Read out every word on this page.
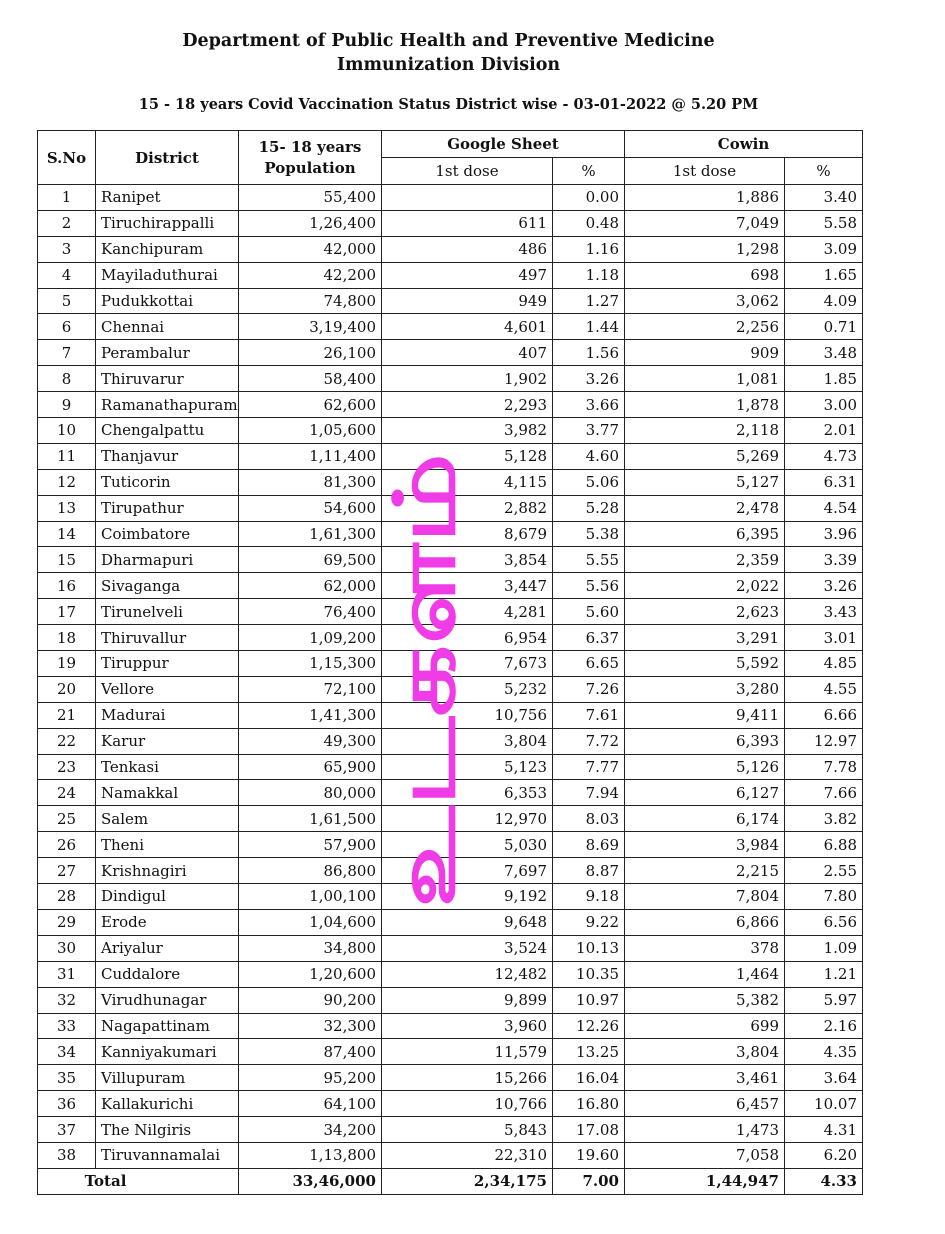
Department of Public Health and Preventive Medicine
Immunization Division
15 - 18 years Covid Vaccination Status District wise - 03-01-2022 @ 5.20 PM
S.No	District	15- 18 years Population	Google Sheet		Cowin	
			1st dose	%	1st dose	%
1	Ranipet	55,400		0.00	1,886	3.40
2	Tiruchirappalli	1,26,400	611	0.48	7,049	5.58
3	Kanchipuram	42,000	486	1.16	1,298	3.09
4	Mayiladuthurai	42,200	497	1.18	698	1.65
5	Pudukkottai	74,800	949	1.27	3,062	4.09
6	Chennai	3,19,400	4,601	1.44	2,256	0.71
7	Perambalur	26,100	407	1.56	909	3.48
8	Thiruvarur	58,400	1,902	3.26	1,081	1.85
9	Ramanathapuram	62,600	2,293	3.66	1,878	3.00
10	Chengalpattu	1,05,600	3,982	3.77	2,118	2.01
11	Thanjavur	1,11,400	5,128	4.60	5,269	4.73
12	Tuticorin	81,300	4,115	5.06	5,127	6.31
13	Tirupathur	54,600	2,882	5.28	2,478	4.54
14	Coimbatore	1,61,300	8,679	5.38	6,395	3.96
15	Dharmapuri	69,500	3,854	5.55	2,359	3.39
16	Sivaganga	62,000	3,447	5.56	2,022	3.26
17	Tirunelveli	76,400	4,281	5.60	2,623	3.43
18	Thiruvallur	1,09,200	6,954	6.37	3,291	3.01
19	Tiruppur	1,15,300	7,673	6.65	5,592	4.85
20	Vellore	72,100	5,232	7.26	3,280	4.55
21	Madurai	1,41,300	10,756	7.61	9,411	6.66
22	Karur	49,300	3,804	7.72	6,393	12.97
23	Tenkasi	65,900	5,123	7.77	5,126	7.78
24	Namakkal	80,000	6,353	7.94	6,127	7.66
25	Salem	1,61,500	12,970	8.03	6,174	3.82
26	Theni	57,900	5,030	8.69	3,984	6.88
27	Krishnagiri	86,800	7,697	8.87	2,215	2.55
28	Dindigul	1,00,100	9,192	9.18	7,804	7.80
29	Erode	1,04,600	9,648	9.22	6,866	6.56
30	Ariyalur	34,800	3,524	10.13	378	1.09
31	Cuddalore	1,20,600	12,482	10.35	1,464	1.21
32	Virudhunagar	90,200	9,899	10.97	5,382	5.97
33	Nagapattinam	32,300	3,960	12.26	699	2.16
34	Kanniyakumari	87,400	11,579	13.25	3,804	4.35
35	Villupuram	95,200	15,266	16.04	3,461	3.64
36	Kallakurichi	64,100	10,766	16.80	6,457	10.07
37	The Nilgiris	34,200	5,843	17.08	1,473	4.31
38	Tiruvannamalai	1,13,800	22,310	19.60	7,058	6.20
Total		33,46,000	2,34,175	7.00	1,44,947	4.33
உடகளம்
